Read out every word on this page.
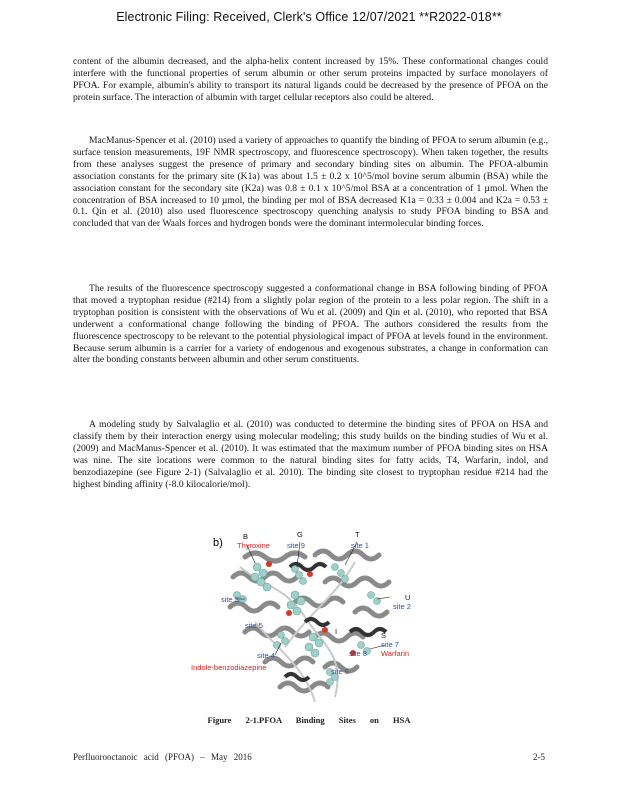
Electronic Filing: Received, Clerk's Office 12/07/2021 **R2022-018**

content of the albumin decreased, and the alpha-helix content increased by 15%. These conformational changes could interfere with the functional properties of serum albumin or other serum proteins impacted by surface monolayers of PFOA. For example, albumin's ability to transport its natural ligands could be decreased by the presence of PFOA on the protein surface. The interaction of albumin with target cellular receptors also could be altered.

MacManus-Spencer et al. (2010) used a variety of approaches to quantify the binding of PFOA to serum albumin (e.g., surface tension measurements, 19F NMR spectroscopy, and fluorescence spectroscopy). When taken together, the results from these analyses suggest the presence of primary and secondary binding sites on albumin. The PFOA-albumin association constants for the primary site (K1a) was about 1.5 ± 0.2 x 10^5/mol bovine serum albumin (BSA) while the association constant for the secondary site (K2a) was 0.8 ± 0.1 x 10^5/mol BSA at a concentration of 1 µmol. When the concentration of BSA increased to 10 µmol, the binding per mol of BSA decreased K1a = 0.33 ± 0.004 and K2a = 0.53 ± 0.1. Qin et al. (2010) also used fluorescence spectroscopy quenching analysis to study PFOA binding to BSA and concluded that van der Waals forces and hydrogen bonds were the dominant intermolecular binding forces.

The results of the fluorescence spectroscopy suggested a conformational change in BSA following binding of PFOA that moved a tryptophan residue (#214) from a slightly polar region of the protein to a less polar region. The shift in a tryptophan position is consistent with the observations of Wu et al. (2009) and Qin et al. (2010), who reported that BSA underwent a conformational change following the binding of PFOA. The authors considered the results from the fluorescence spectroscopy to be relevant to the potential physiological impact of PFOA at levels found in the environment. Because serum albumin is a carrier for a variety of endogenous and exogenous substrates, a change in conformation can alter the bonding constants between albumin and other serum constituents.

A modeling study by Salvalaglio et al. (2010) was conducted to determine the binding sites of PFOA on HSA and classify them by their interaction energy using molecular modeling; this study builds on the binding studies of Wu et al. (2009) and MacManus-Spencer et al. (2010). It was estimated that the maximum number of PFOA binding sites on HSA was nine. The site locations were common to the natural binding sites for fatty acids, T4, Warfarin, indol, and benzodiazepine (see Figure 2-1) (Salvalaglio et al. 2010). The binding site closest to tryptophan residue #214 had the highest binding affinity (-8.0 kilocalorie/mol).

b)
B	G	T
Thyroxine site 9	site 1
site 3	U
site 2
site 5
I	S
site 7
Warfarin
site 4	site 8
Indole-benzodiazepine	site 6
Figure 2-1.PFOA Binding Sites on HSA
Perfluorooctanoic acid (PFOA) – May 2016	2-5
